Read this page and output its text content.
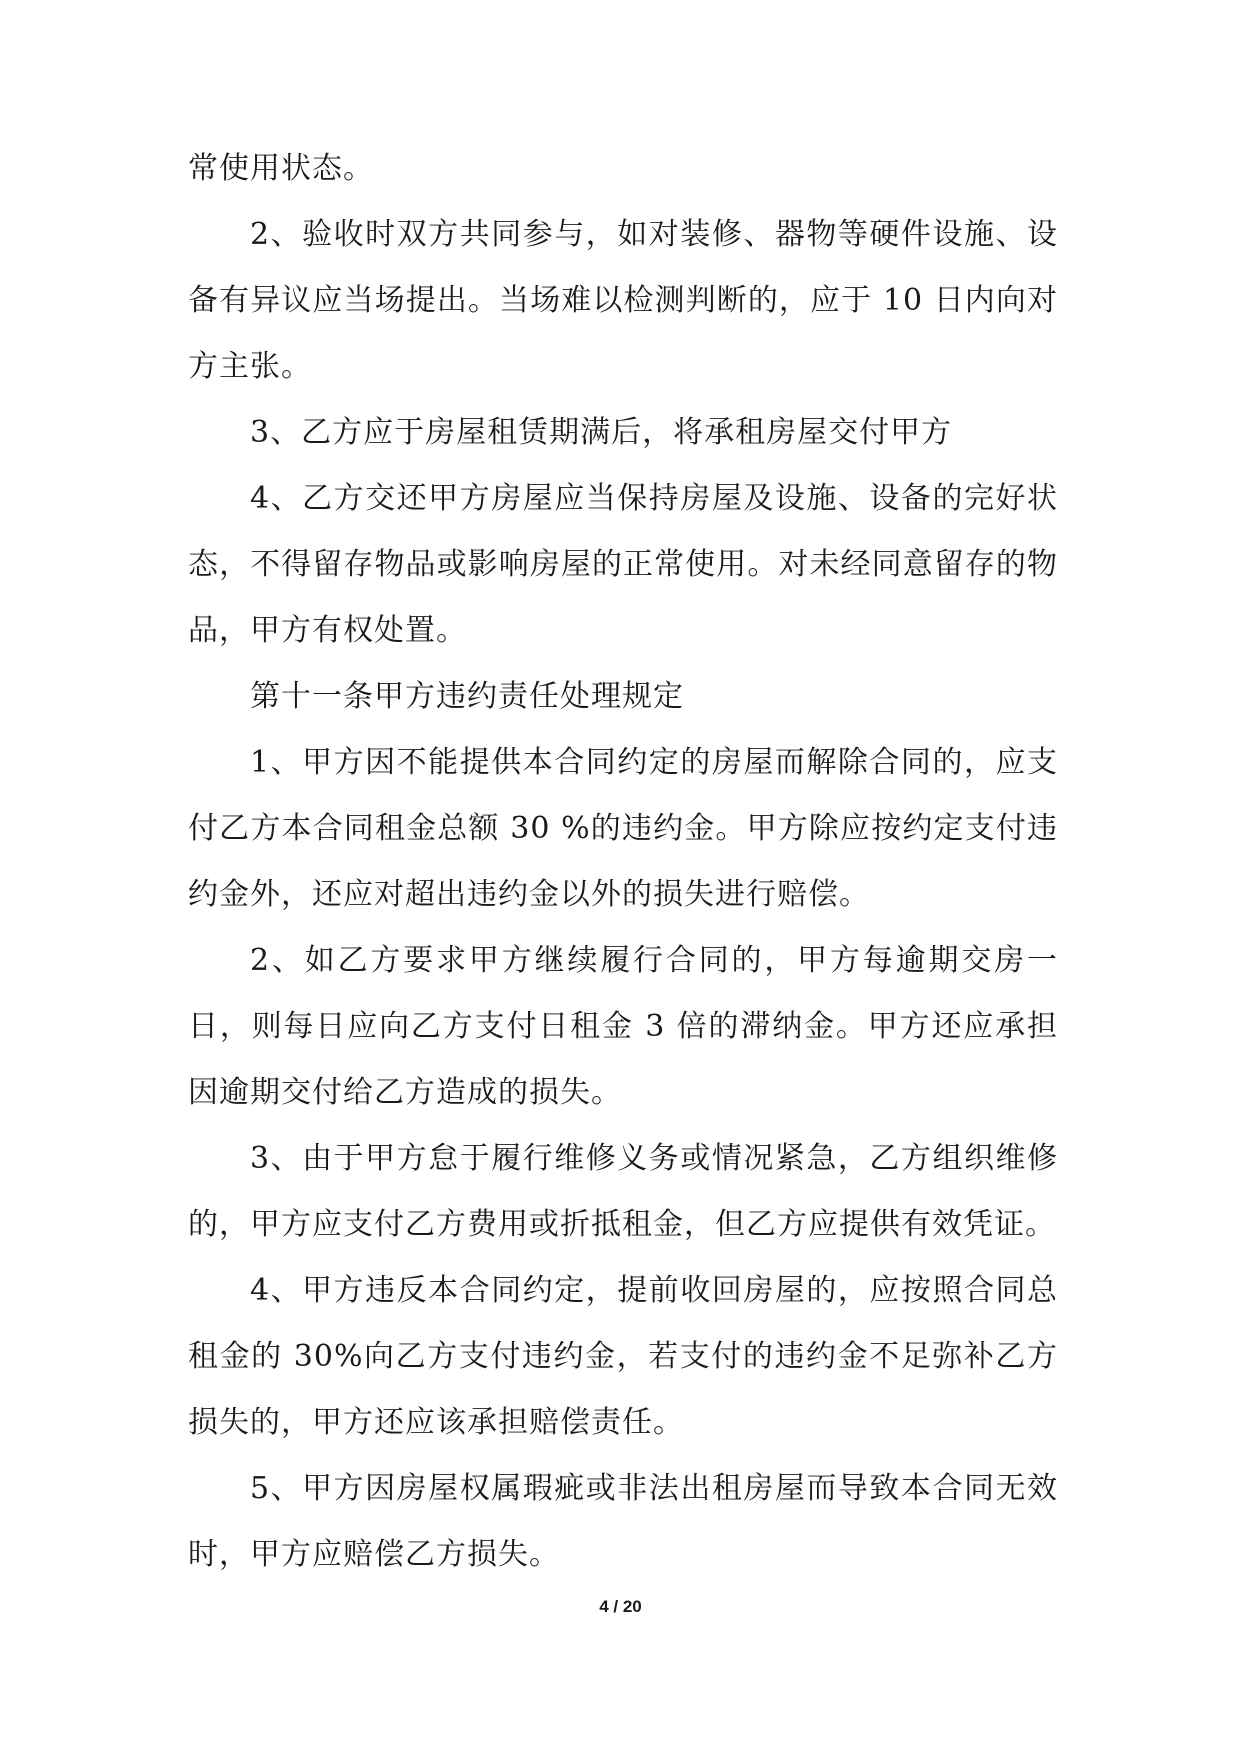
常使用状态。

2、验收时双方共同参与，如对装修、器物等硬件设施、设备有异议应当场提出。当场难以检测判断的，应于 10 日内向对方主张。

3、乙方应于房屋租赁期满后，将承租房屋交付甲方

4、乙方交还甲方房屋应当保持房屋及设施、设备的完好状态，不得留存物品或影响房屋的正常使用。对未经同意留存的物品，甲方有权处置。

第十一条甲方违约责任处理规定

1、甲方因不能提供本合同约定的房屋而解除合同的，应支付乙方本合同租金总额 30 %的违约金。甲方除应按约定支付违约金外，还应对超出违约金以外的损失进行赔偿。

2、如乙方要求甲方继续履行合同的，甲方每逾期交房一日，则每日应向乙方支付日租金 3 倍的滞纳金。甲方还应承担因逾期交付给乙方造成的损失。

3、由于甲方怠于履行维修义务或情况紧急，乙方组织维修的，甲方应支付乙方费用或折抵租金，但乙方应提供有效凭证。

4、甲方违反本合同约定，提前收回房屋的，应按照合同总租金的 30%向乙方支付违约金，若支付的违约金不足弥补乙方损失的，甲方还应该承担赔偿责任。

5、甲方因房屋权属瑕疵或非法出租房屋而导致本合同无效时，甲方应赔偿乙方损失。

4 / 20
